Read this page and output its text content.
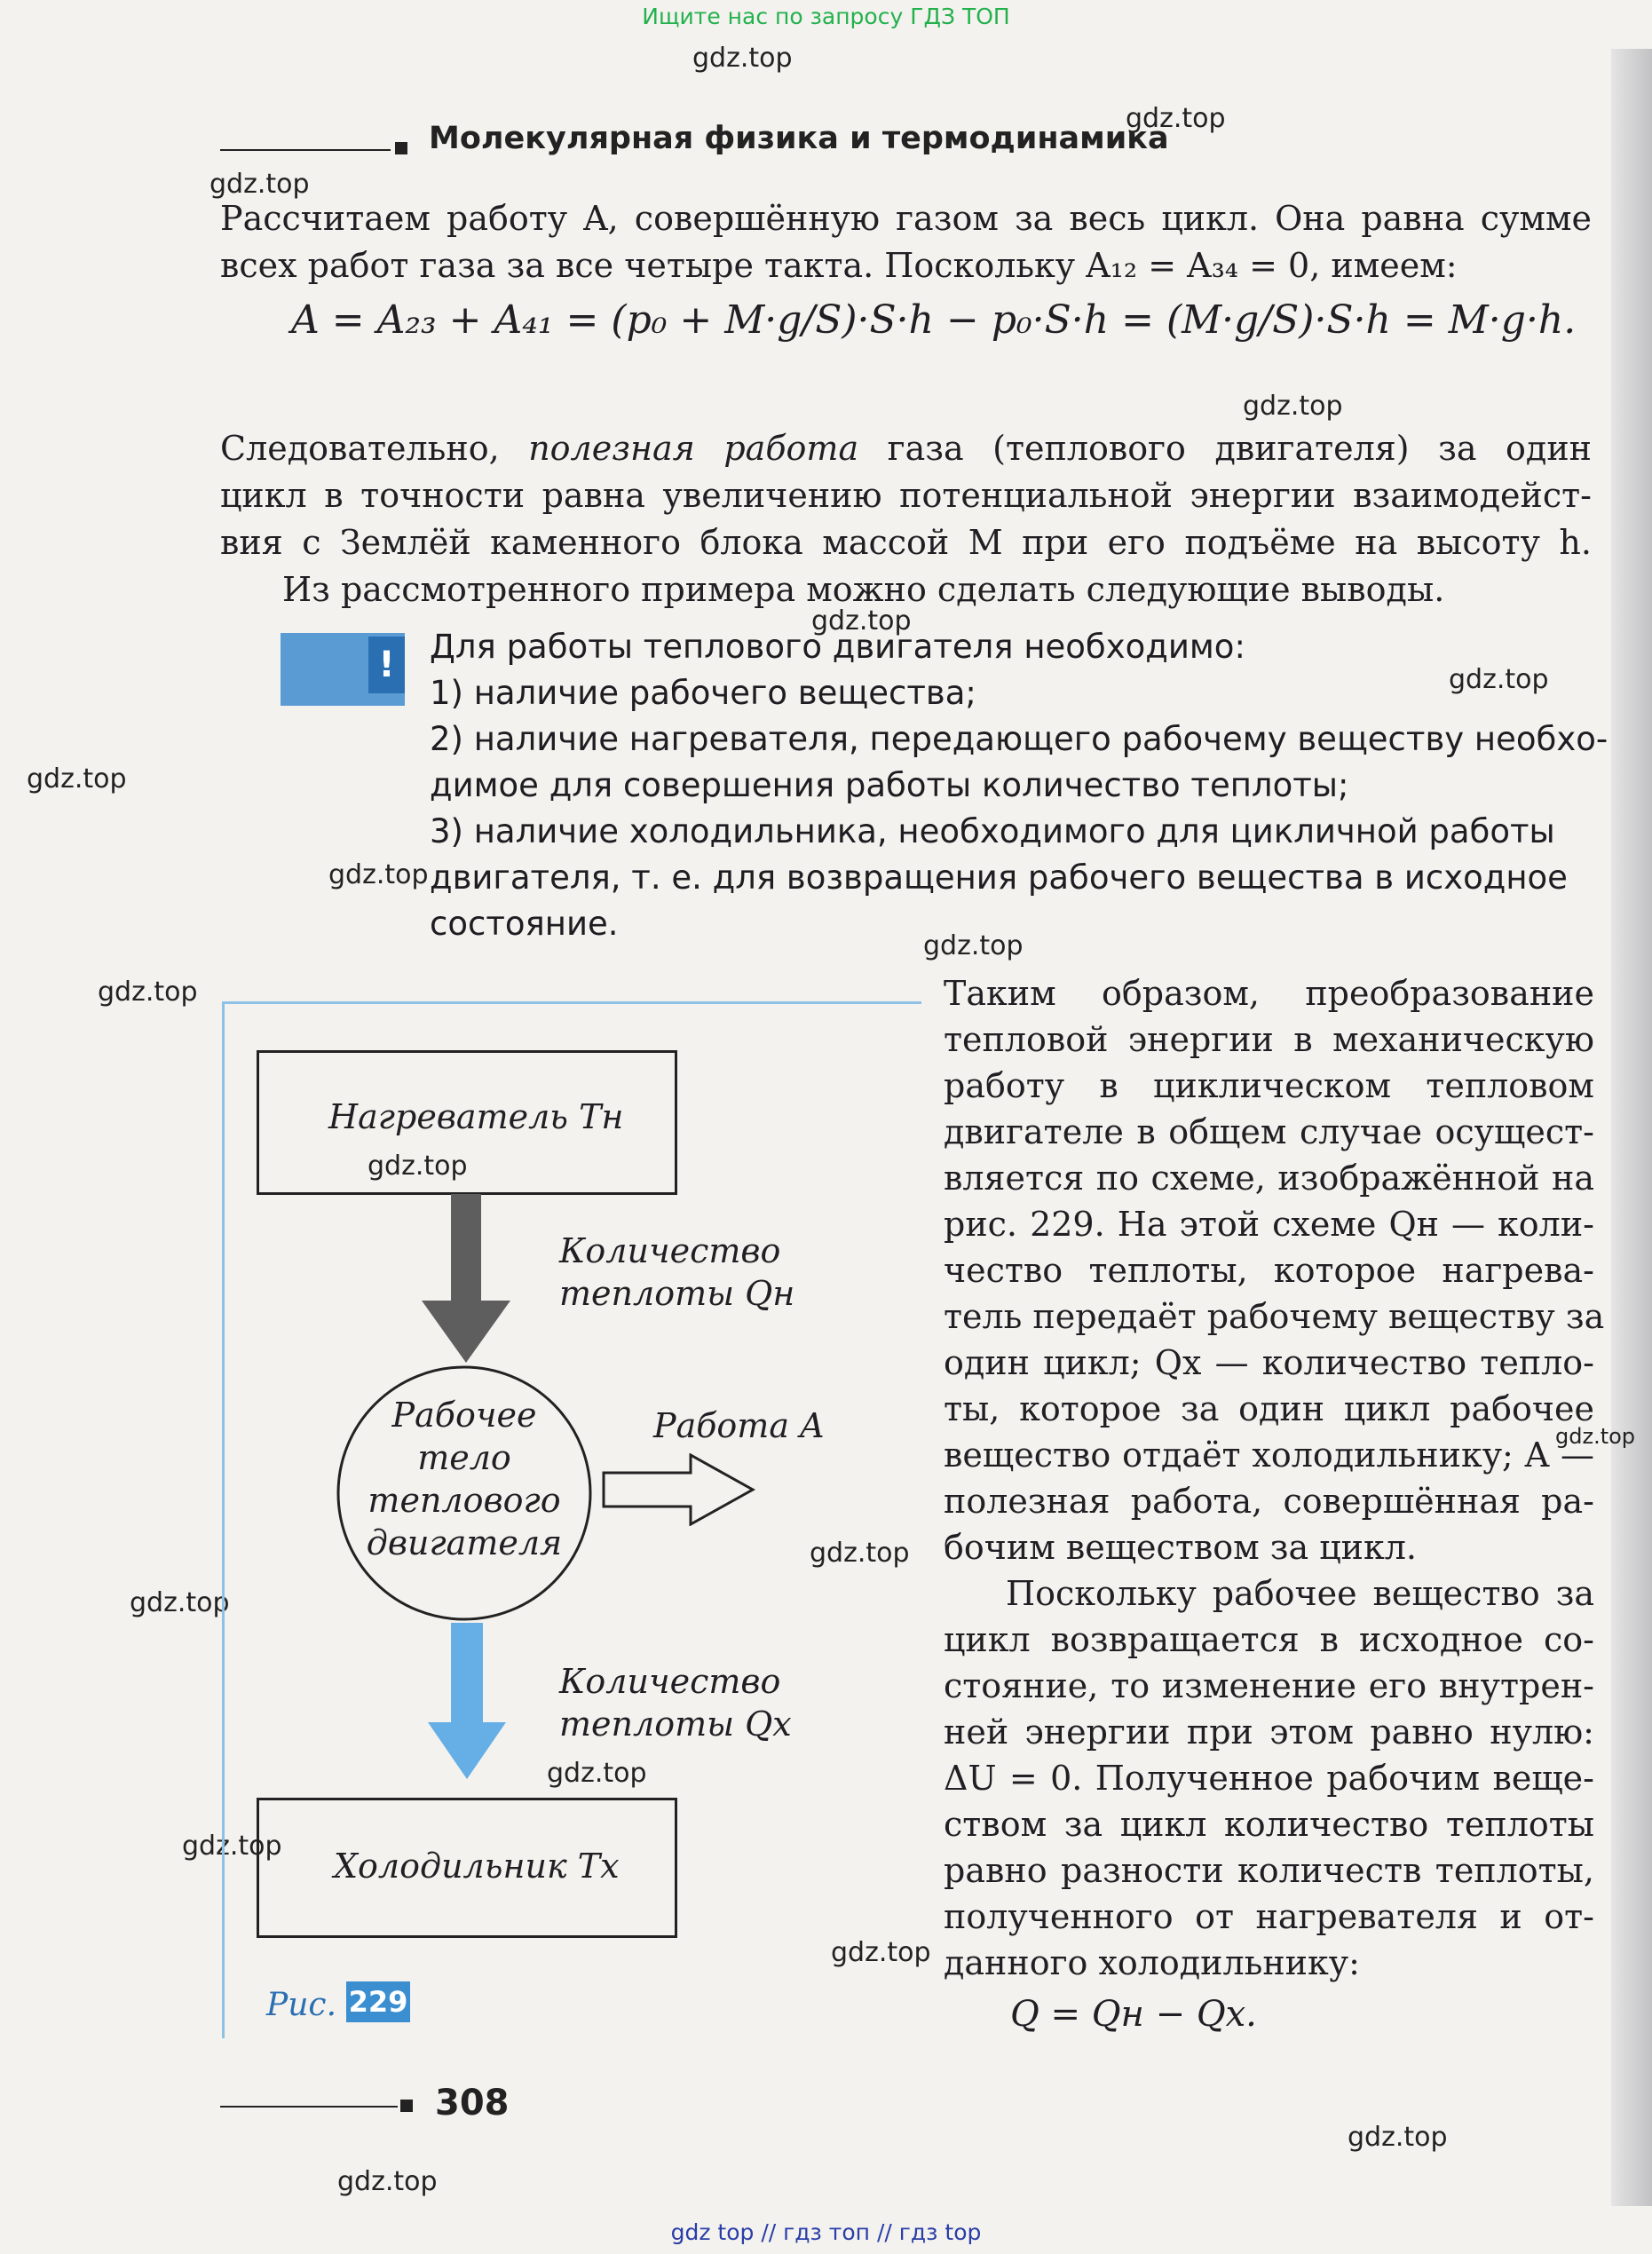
Ищите нас по запросу ГДЗ ТОП
gdz.top
gdz.top
gdz.top
gdz.top
gdz.top
gdz.top
gdz.top
gdz.top
gdz.top
gdz.top
gdz.top
gdz.top
gdz.top
gdz.top
gdz.top
gdz.top
gdz.top
gdz.top
gdz.top
Молекулярная физика и термодинамика
Рассчитаем работу A, совершённую газом за весь цикл. Она равна сумме
всех работ газа за все четыре такта. Поскольку A₁₂ = A₃₄ = 0, имеем:
A = A₂₃ + A₄₁ = (p₀ + M·g/S)·S·h − p₀·S·h = (M·g/S)·S·h = M·g·h.
Следовательно, полезная работа газа (теплового двигателя) за один
цикл в точности равна увеличению потенциальной энергии взаимодейст-
вия с Землёй каменного блока массой M при его подъёме на высоту h.
Из рассмотренного примера можно сделать следующие выводы.
!	Для работы теплового двигателя необходимо:
1) наличие рабочего вещества;
2) наличие нагревателя, передающего рабочему веществу необхо-
димое для совершения работы количество теплоты;
3) наличие холодильника, необходимого для цикличной работы
двигателя, т. е. для возвращения рабочего вещества в исходное
состояние.
Нагреватель Tн
Количество
теплоты Qн
Рабочее
тело
теплового
двигателя
Работа A
Количество
теплоты Qх
Холодильник Tх
Рис. 229
Таким образом, преобразование
тепловой энергии в механическую
работу в циклическом тепловом
двигателе в общем случае осущест-
вляется по схеме, изображённой на
рис. 229. На этой схеме Qн — коли-
чество теплоты, которое нагрева-
тель передаёт рабочему веществу за
один цикл; Qх — количество тепло-
ты, которое за один цикл рабочее
вещество отдаёт холодильнику; A —
полезная работа, совершённая ра-
бочим веществом за цикл.
Поскольку рабочее вещество за
цикл возвращается в исходное со-
стояние, то изменение его внутрен-
ней энергии при этом равно нулю:
ΔU = 0. Полученное рабочим веще-
ством за цикл количество теплоты
равно разности количеств теплоты,
полученного от нагревателя и от-
данного холодильнику:
Q = Qн − Qх.
308
gdz top // гдз топ // гдз top
